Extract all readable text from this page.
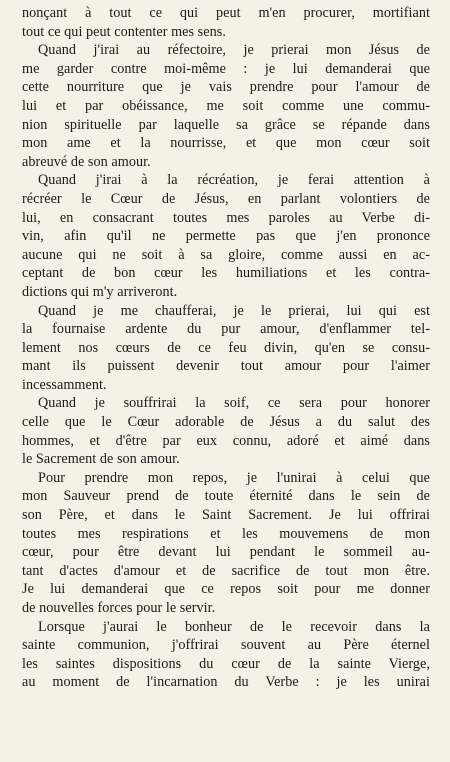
nonçant à tout ce qui peut m'en procurer, mortifiant
tout ce qui peut contenter mes sens.
Quand j'irai au réfectoire, je prierai mon Jésus de
me garder contre moi-même : je lui demanderai que
cette nourriture que je vais prendre pour l'amour de
lui et par obéissance, me soit comme une commu-
nion spirituelle par laquelle sa grâce se répande dans
mon ame et la nourrisse, et que mon cœur soit
abreuvé de son amour.
Quand j'irai à la récréation, je ferai attention à
récréer le Cœur de Jésus, en parlant volontiers de
lui, en consacrant toutes mes paroles au Verbe di-
vin, afin qu'il ne permette pas que j'en prononce
aucune qui ne soit à sa gloire, comme aussi en ac-
ceptant de bon cœur les humiliations et les contra-
dictions qui m'y arriveront.
Quand je me chaufferai, je le prierai, lui qui est
la fournaise ardente du pur amour, d'enflammer tel-
lement nos cœurs de ce feu divin, qu'en se consu-
mant ils puissent devenir tout amour pour l'aimer
incessamment.
Quand je souffrirai la soif, ce sera pour honorer
celle que le Cœur adorable de Jésus a du salut des
hommes, et d'être par eux connu, adoré et aimé dans
le Sacrement de son amour.
Pour prendre mon repos, je l'unirai à celui que
mon Sauveur prend de toute éternité dans le sein de
son Père, et dans le Saint Sacrement. Je lui offrirai
toutes mes respirations et les mouvemens de mon
cœur, pour être devant lui pendant le sommeil au-
tant d'actes d'amour et de sacrifice de tout mon être.
Je lui demanderai que ce repos soit pour me donner
de nouvelles forces pour le servir.
Lorsque j'aurai le bonheur de le recevoir dans la
sainte communion, j'offrirai souvent au Père éternel
les saintes dispositions du cœur de la sainte Vierge,
au moment de l'incarnation du Verbe : je les unirai
